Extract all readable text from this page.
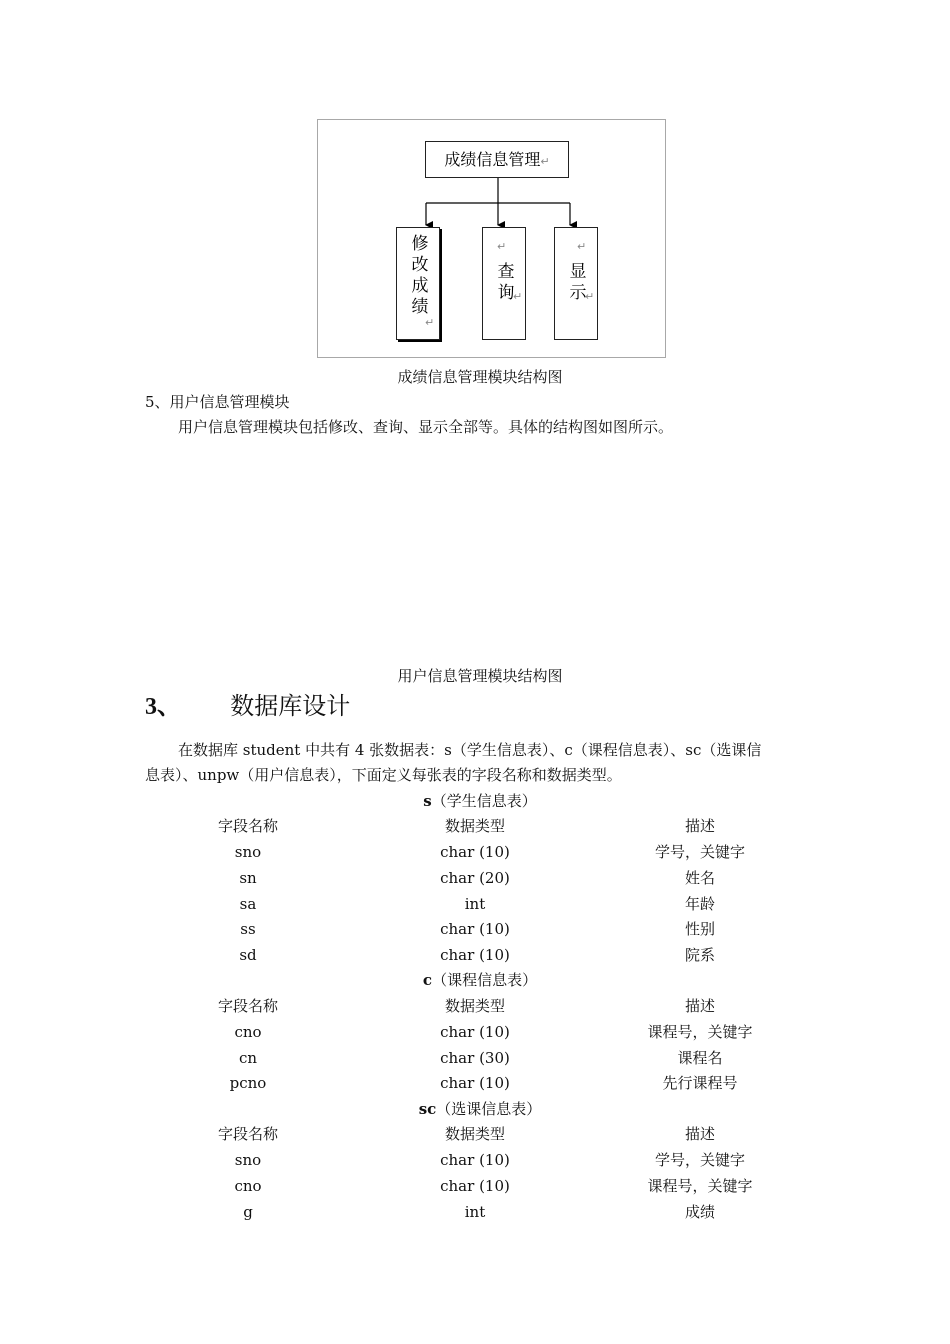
成绩信息管理↵
修改成绩
↵
↵
查询 ↵
↵
显示 ↵
成绩信息管理模块结构图
5、用户信息管理模块
用户信息管理模块包括修改、查询、显示全部等。具体的结构图如图所示。
用户信息管理模块结构图
3、 数据库设计
在数据库 student 中共有 4 张数据表：s（学生信息表）、c（课程信息表）、sc（选课信
息表）、unpw（用户信息表），下面定义每张表的字段名称和数据类型。
s（学生信息表）
字段名称	数据类型	描述
sno	char (10)	学号，关键字
sn	char (20)	姓名
sa	int	年龄
ss	char (10)	性别
sd	char (10)	院系
c（课程信息表）
字段名称	数据类型	描述
cno	char (10)	课程号，关键字
cn	char (30)	课程名
pcno	char (10)	先行课程号
sc（选课信息表）
字段名称	数据类型	描述
sno	char (10)	学号，关键字
cno	char (10)	课程号，关键字
g	int	成绩
